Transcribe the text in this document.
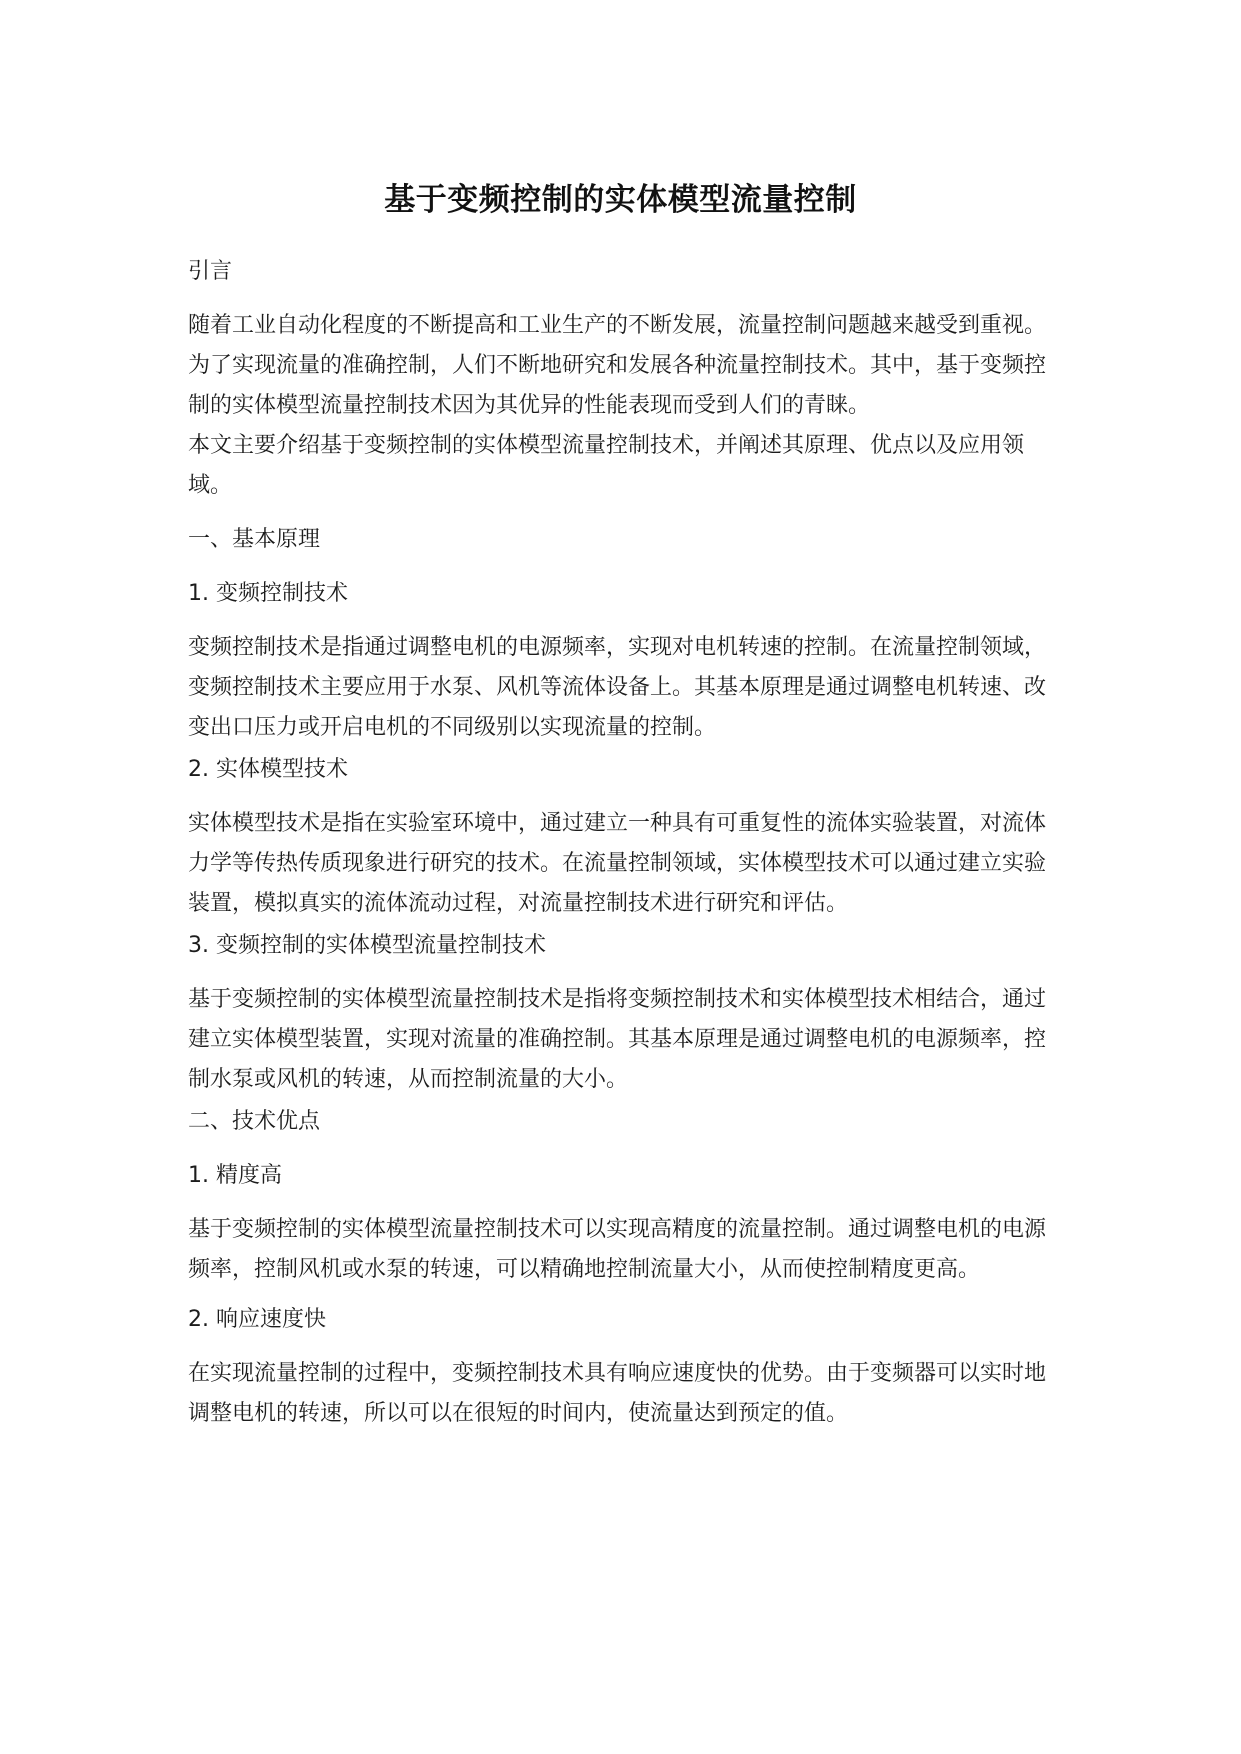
基于变频控制的实体模型流量控制
引言
随着工业自动化程度的不断提高和工业生产的不断发展，流量控制问题越来越受到重视。为了实现流量的准确控制，人们不断地研究和发展各种流量控制技术。其中，基于变频控制的实体模型流量控制技术因为其优异的性能表现而受到人们的青睐。
本文主要介绍基于变频控制的实体模型流量控制技术，并阐述其原理、优点以及应用领域。
一、基本原理
1. 变频控制技术
变频控制技术是指通过调整电机的电源频率，实现对电机转速的控制。在流量控制领域，变频控制技术主要应用于水泵、风机等流体设备上。其基本原理是通过调整电机转速、改变出口压力或开启电机的不同级别以实现流量的控制。
2. 实体模型技术
实体模型技术是指在实验室环境中，通过建立一种具有可重复性的流体实验装置，对流体力学等传热传质现象进行研究的技术。在流量控制领域，实体模型技术可以通过建立实验装置，模拟真实的流体流动过程，对流量控制技术进行研究和评估。
3. 变频控制的实体模型流量控制技术
基于变频控制的实体模型流量控制技术是指将变频控制技术和实体模型技术相结合，通过建立实体模型装置，实现对流量的准确控制。其基本原理是通过调整电机的电源频率，控制水泵或风机的转速，从而控制流量的大小。
二、技术优点
1. 精度高
基于变频控制的实体模型流量控制技术可以实现高精度的流量控制。通过调整电机的电源频率，控制风机或水泵的转速，可以精确地控制流量大小，从而使控制精度更高。
2. 响应速度快
在实现流量控制的过程中，变频控制技术具有响应速度快的优势。由于变频器可以实时地调整电机的转速，所以可以在很短的时间内，使流量达到预定的值。
